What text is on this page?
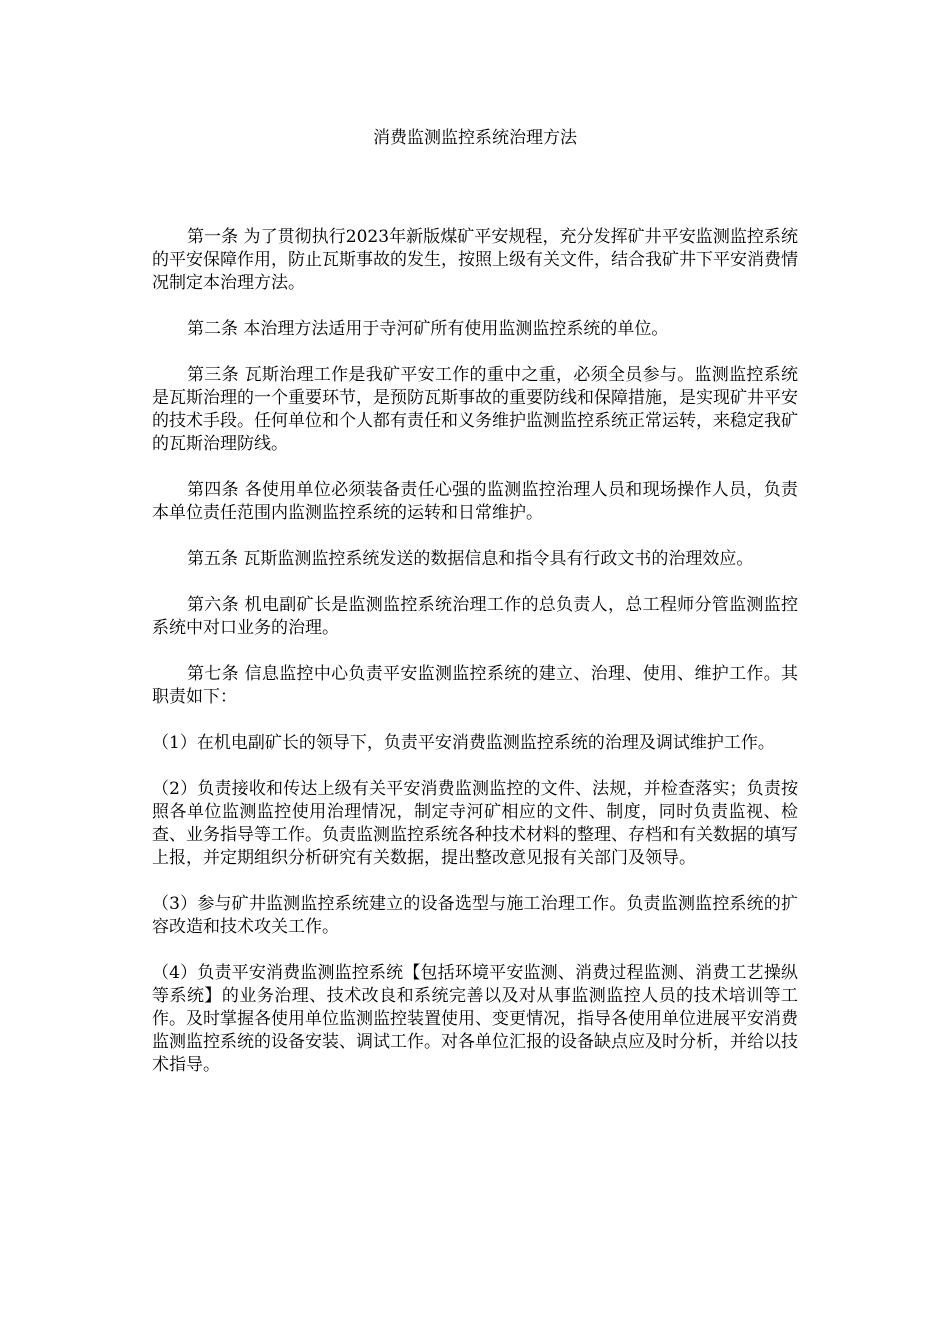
消费监测监控系统治理方法

第一条 为了贯彻执行2023年新版煤矿平安规程，充分发挥矿井平安监测监控系统的平安保障作用，防止瓦斯事故的发生，按照上级有关文件，结合我矿井下平安消费情况制定本治理方法。

第二条 本治理方法适用于寺河矿所有使用监测监控系统的单位。

第三条 瓦斯治理工作是我矿平安工作的重中之重，必须全员参与。监测监控系统是瓦斯治理的一个重要环节，是预防瓦斯事故的重要防线和保障措施，是实现矿井平安的技术手段。任何单位和个人都有责任和义务维护监测监控系统正常运转，来稳定我矿的瓦斯治理防线。

第四条 各使用单位必须装备责任心强的监测监控治理人员和现场操作人员，负责本单位责任范围内监测监控系统的运转和日常维护。

第五条 瓦斯监测监控系统发送的数据信息和指令具有行政文书的治理效应。

第六条 机电副矿长是监测监控系统治理工作的总负责人，总工程师分管监测监控系统中对口业务的治理。

第七条 信息监控中心负责平安监测监控系统的建立、治理、使用、维护工作。其职责如下：

（1）在机电副矿长的领导下，负责平安消费监测监控系统的治理及调试维护工作。

（2）负责接收和传达上级有关平安消费监测监控的文件、法规，并检查落实；负责按照各单位监测监控使用治理情况，制定寺河矿相应的文件、制度，同时负责监视、检查、业务指导等工作。负责监测监控系统各种技术材料的整理、存档和有关数据的填写上报，并定期组织分析研究有关数据，提出整改意见报有关部门及领导。

（3）参与矿井监测监控系统建立的设备选型与施工治理工作。负责监测监控系统的扩容改造和技术攻关工作。

（4）负责平安消费监测监控系统【包括环境平安监测、消费过程监测、消费工艺操纵等系统】的业务治理、技术改良和系统完善以及对从事监测监控人员的技术培训等工作。及时掌握各使用单位监测监控装置使用、变更情况，指导各使用单位进展平安消费监测监控系统的设备安装、调试工作。对各单位汇报的设备缺点应及时分析，并给以技术指导。
